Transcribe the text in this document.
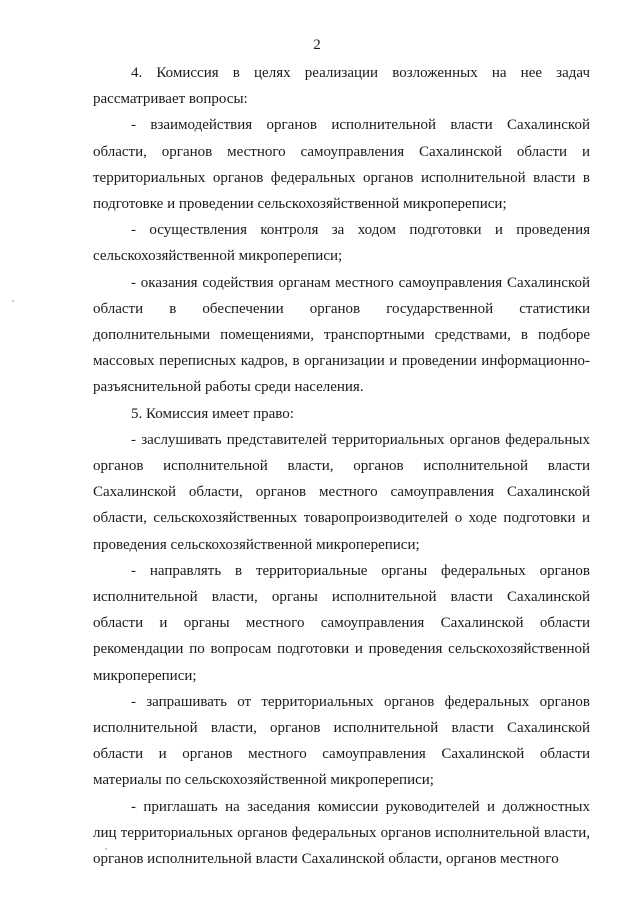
2

4. Комиссия в целях реализации возложенных на нее задач рассматривает вопросы:

- взаимодействия органов исполнительной власти Сахалинской области, органов местного самоуправления Сахалинской области и территориальных органов федеральных органов исполнительной власти в подготовке и проведении сельскохозяйственной микропереписи;

- осуществления контроля за ходом подготовки и проведения сельскохозяйственной микропереписи;

- оказания содействия органам местного самоуправления Сахалинской области в обеспечении органов государственной статистики дополнительными помещениями, транспортными средствами, в подборе массовых переписных кадров, в организации и проведении информационно-разъяснительной работы среди населения.

5. Комиссия имеет право:

- заслушивать представителей территориальных органов федеральных органов исполнительной власти, органов исполнительной власти Сахалинской области, органов местного самоуправления Сахалинской области, сельскохозяйственных товаропроизводителей о ходе подготовки и проведения сельскохозяйственной микропереписи;

- направлять в территориальные органы федеральных органов исполнительной власти, органы исполнительной власти Сахалинской области и органы местного самоуправления Сахалинской области рекомендации по вопросам подготовки и проведения сельскохозяйственной микропереписи;

- запрашивать от территориальных органов федеральных органов исполнительной власти, органов исполнительной власти Сахалинской области и органов местного самоуправления Сахалинской области материалы по сельскохозяйственной микропереписи;

- приглашать на заседания комиссии руководителей и должностных лиц территориальных органов федеральных органов исполнительной власти, органов исполнительной власти Сахалинской области, органов местного
